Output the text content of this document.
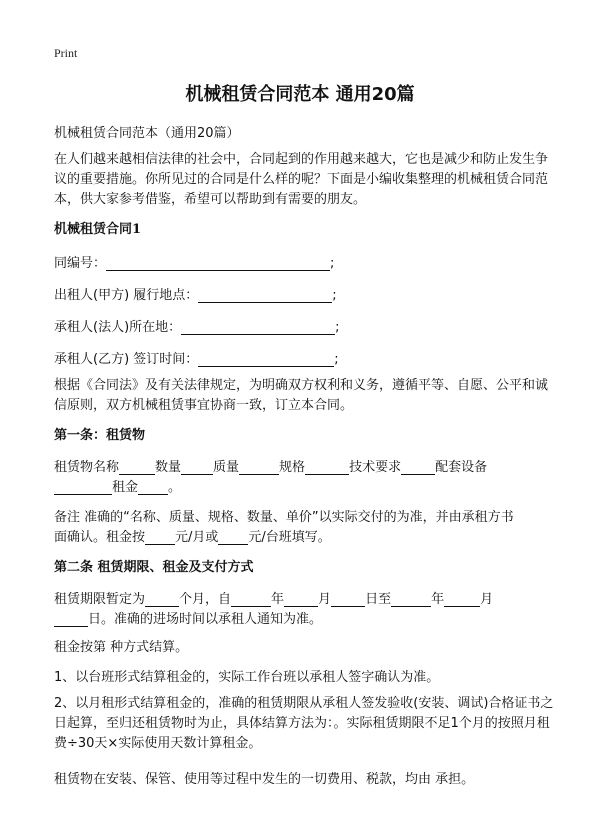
Print
机械租赁合同范本 通用20篇

机械租赁合同范本（通用20篇）

在人们越来越相信法律的社会中，合同起到的作用越来越大，它也是减少和防止发生争议的重要措施。你所见过的合同是什么样的呢？下面是小编收集整理的机械租赁合同范本，供大家参考借鉴，希望可以帮助到有需要的朋友。

机械租赁合同1

同编号：	;

出租人(甲方) 履行地点：	;

承租人(法人)所在地：	;

承租人(乙方) 签订时间：	;

根据《合同法》及有关法律规定，为明确双方权利和义务，遵循平等、自愿、公平和诚信原则，双方机械租赁事宜协商一致，订立本合同。

第一条：租赁物

租赁物名称	数量 质量	规格	技术要求	配套设备

租金 。

备注 准确的“名称、质量、规格、数量、单价”以实际交付的为准，并由承租方书

面确认。租金按 元/月或 元/台班填写。

第二条 租赁期限、租金及支付方式

租赁期限暂定为	个月，自	年	月	日至	年	月

日。准确的进场时间以承租人通知为准。

租金按第 种方式结算。

1、以台班形式结算租金的，实际工作台班以承租人签字确认为准。

2、以月租形式结算租金的，准确的租赁期限从承租人签发验收(安装、调试)合格证书之日起算，至归还租赁物时为止，具体结算方法为：。实际租赁期限不足1个月的按照月租费÷30天×实际使用天数计算租金。

租赁物在安装、保管、使用等过程中发生的一切费用、税款，均由 承担。
